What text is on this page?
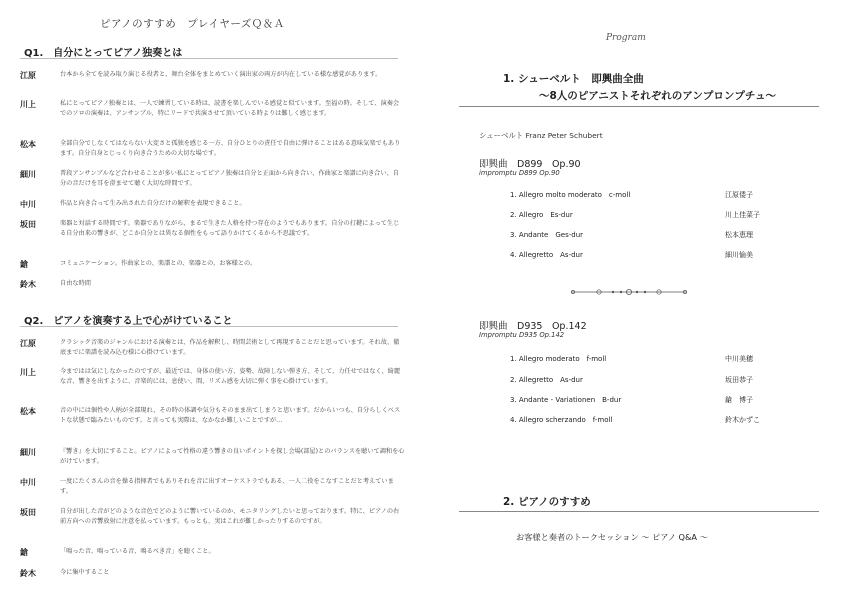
ピアノのすすめ　プレイヤーズＱ＆Ａ
Q1.　自分にとってピアノ独奏とは
江原	台本から全てを読み取り演じる役者と、舞台全体をまとめていく演出家の両方が内在している様な感覚があります。
川上	私にとってピアノ独奏とは、一人で練習している時は、読書を楽しんでいる感覚と似ています。至福の時。そして、演奏会でのソロの演奏は、アンサンブル、特にリードで共演させて頂いている時よりは難しく感じます。
松本	全部自分でしなくてはならない大変さと孤独を感じる一方、自分ひとりの責任で自由に弾けることはある意味気楽でもあります。自分自身とじっくり向き合うための大切な場です。
細川	普段アンサンブルなど合わせることが多い私にとってピアノ独奏は自分と正面から向き合い、作曲家と楽譜に向き合い、自分の音だけを耳を澄ませて聴く大切な時間です。
中川	作品と向き合って生み出された自分だけの解釈を表現できること。
坂田	楽器と対話する時間です。楽器でありながら、まるで生きた人格を持つ存在のようでもあります。自分の打鍵によって生じる自分由来の響きが、どこか自分とは異なる個性をもって語りかけてくるから不思議です。
鎗	コミュニケーション。作曲家との、楽譜との、楽器との、お客様との。
鈴木	自由な時間
Q2.　ピアノを演奏する上で心がけていること
江原	クラシック音楽のジャンルにおける演奏とは、作品を解釈し、時間芸術として再現することだと思っています。それ故、徹底までに楽譜を読み込む様に心掛けています。
川上	今まではは気にしなかったのですが、最近では、身体の使い方、姿勢、故障しない弾き方、そして、力任せではなく、綺麗な音、響きを出すように、音楽的には、息使い、間、リズム感を大切に弾く事を心掛けています。
松本	音の中には個性や人柄が全部現れ、その時の体調や気分もそのまま出てしまうと思います。だからいつも、自分らしくベストな状態で臨みたいものです。と言っても実際は、なかなか難しいことですが…
細川	『響き』を大切にすること。ピアノによって性格の違う響きの良いポイントを探し会場(部屋)とのバランスを聴いて調和を心がけています。
中川	一度にたくさんの音を操る指揮者でもありそれを音に出すオーケストラでもある、一人二役をこなすことだと考えています。
坂田	自分が出した音がどのような音色でどのように響いているのか、モニタリングしたいと思っております。特に、ピアノの右前方向への音響放射に注意を払っています。もっとも、実はこれが難しかったりするのですが。
鎗	「鳴った音、鳴っている音、鳴るべき音」を聴くこと。
鈴木	今に集中すること
Program
1. シューベルト　即興曲全曲
～8人のピアニストそれぞれのアンプロンプチュ～
シューベルト Franz Peter Schubert
即興曲　D899　Op.90
impromptu D899 Op.90
1. Allegro molto moderato　c-moll	江原倭子
2. Allegro　Es-dur	川上佳菜子
3. Andante　Ges-dur	松本恵理
4. Allegretto　As-dur	細川愉美
即興曲　D935　Op.142
Impromptu D935 Op.142
1. Allegro moderato　f-moll	中川美穂
2. Allegretto　As-dur	坂田恭子
3. Andante - Variationen　B-dur	鎗　博子
4. Allegro scherzando　f-moll	鈴木かずこ
2. ピアノのすすめ
お客様と奏者のトークセッション ～ ピアノ Q&A ～
